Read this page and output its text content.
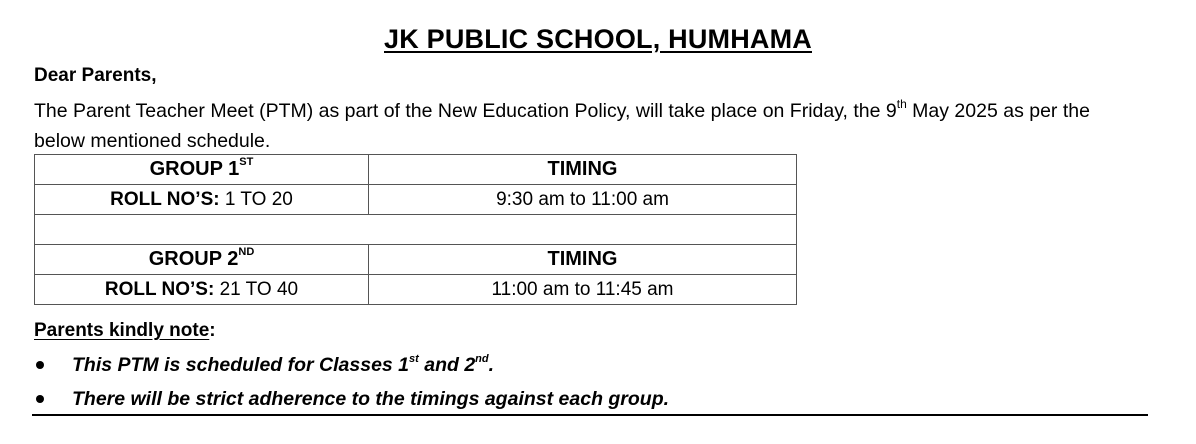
JK PUBLIC SCHOOL, HUMHAMA
Dear Parents,
The Parent Teacher Meet (PTM) as part of the New Education Policy, will take place on Friday, the 9th May 2025 as per the below mentioned schedule.
GROUP 1ST	TIMING
ROLL NO’S: 1 TO 20	9:30 am to 11:00 am

GROUP 2ND	TIMING
ROLL NO’S: 21 TO 40	11:00 am to 11:45 am
Parents kindly note:
This PTM is scheduled for Classes 1st and 2nd.
There will be strict adherence to the timings against each group.
